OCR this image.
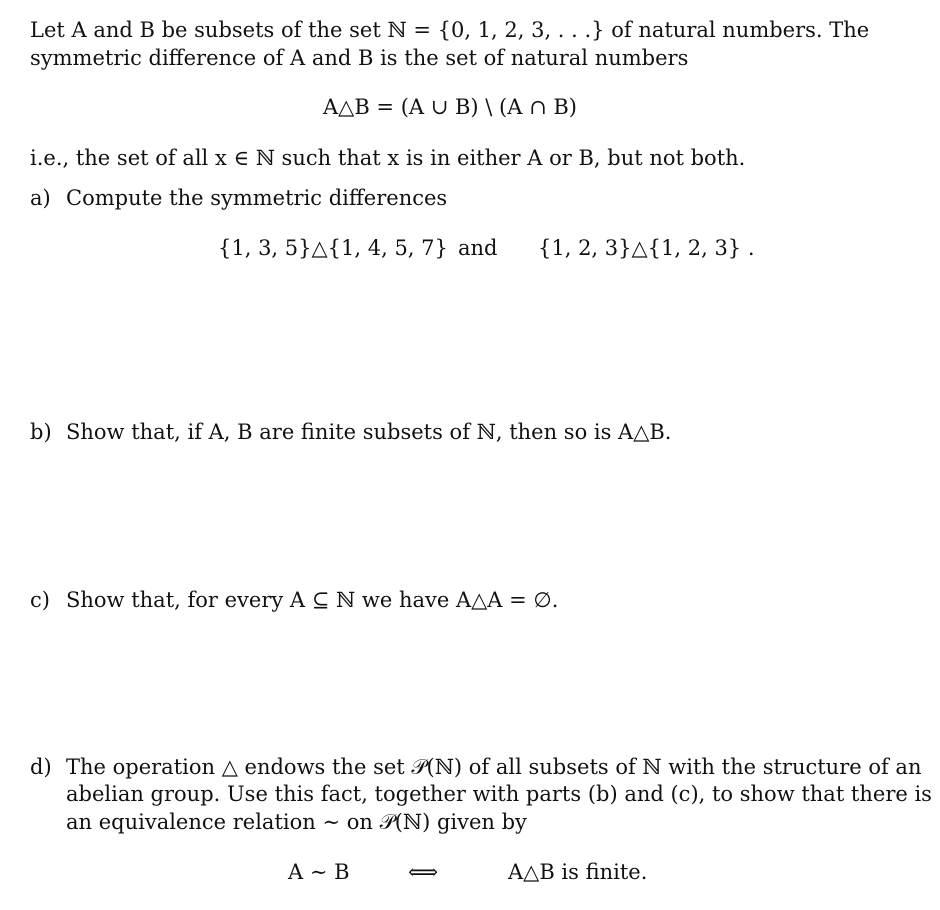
Let A and B be subsets of the set ℕ = {0, 1, 2, 3, . . .} of natural numbers. The
symmetric difference of A and B is the set of natural numbers
A△B = (A ∪ B) \ (A ∩ B)
i.e., the set of all x ∈ ℕ such that x is in either A or B, but not both.
a) Compute the symmetric differences
{1, 3, 5}△{1, 4, 5, 7} and {1, 2, 3}△{1, 2, 3} .
b) Show that, if A, B are finite subsets of ℕ, then so is A△B.
c) Show that, for every A ⊆ ℕ we have A△A = ∅.
d) The operation △ endows the set 𝒫(ℕ) of all subsets of ℕ with the structure of an
abelian group. Use this fact, together with parts (b) and (c), to show that there is
an equivalence relation ∼ on 𝒫(ℕ) given by
A ∼ B	⟺	A△B is finite.
